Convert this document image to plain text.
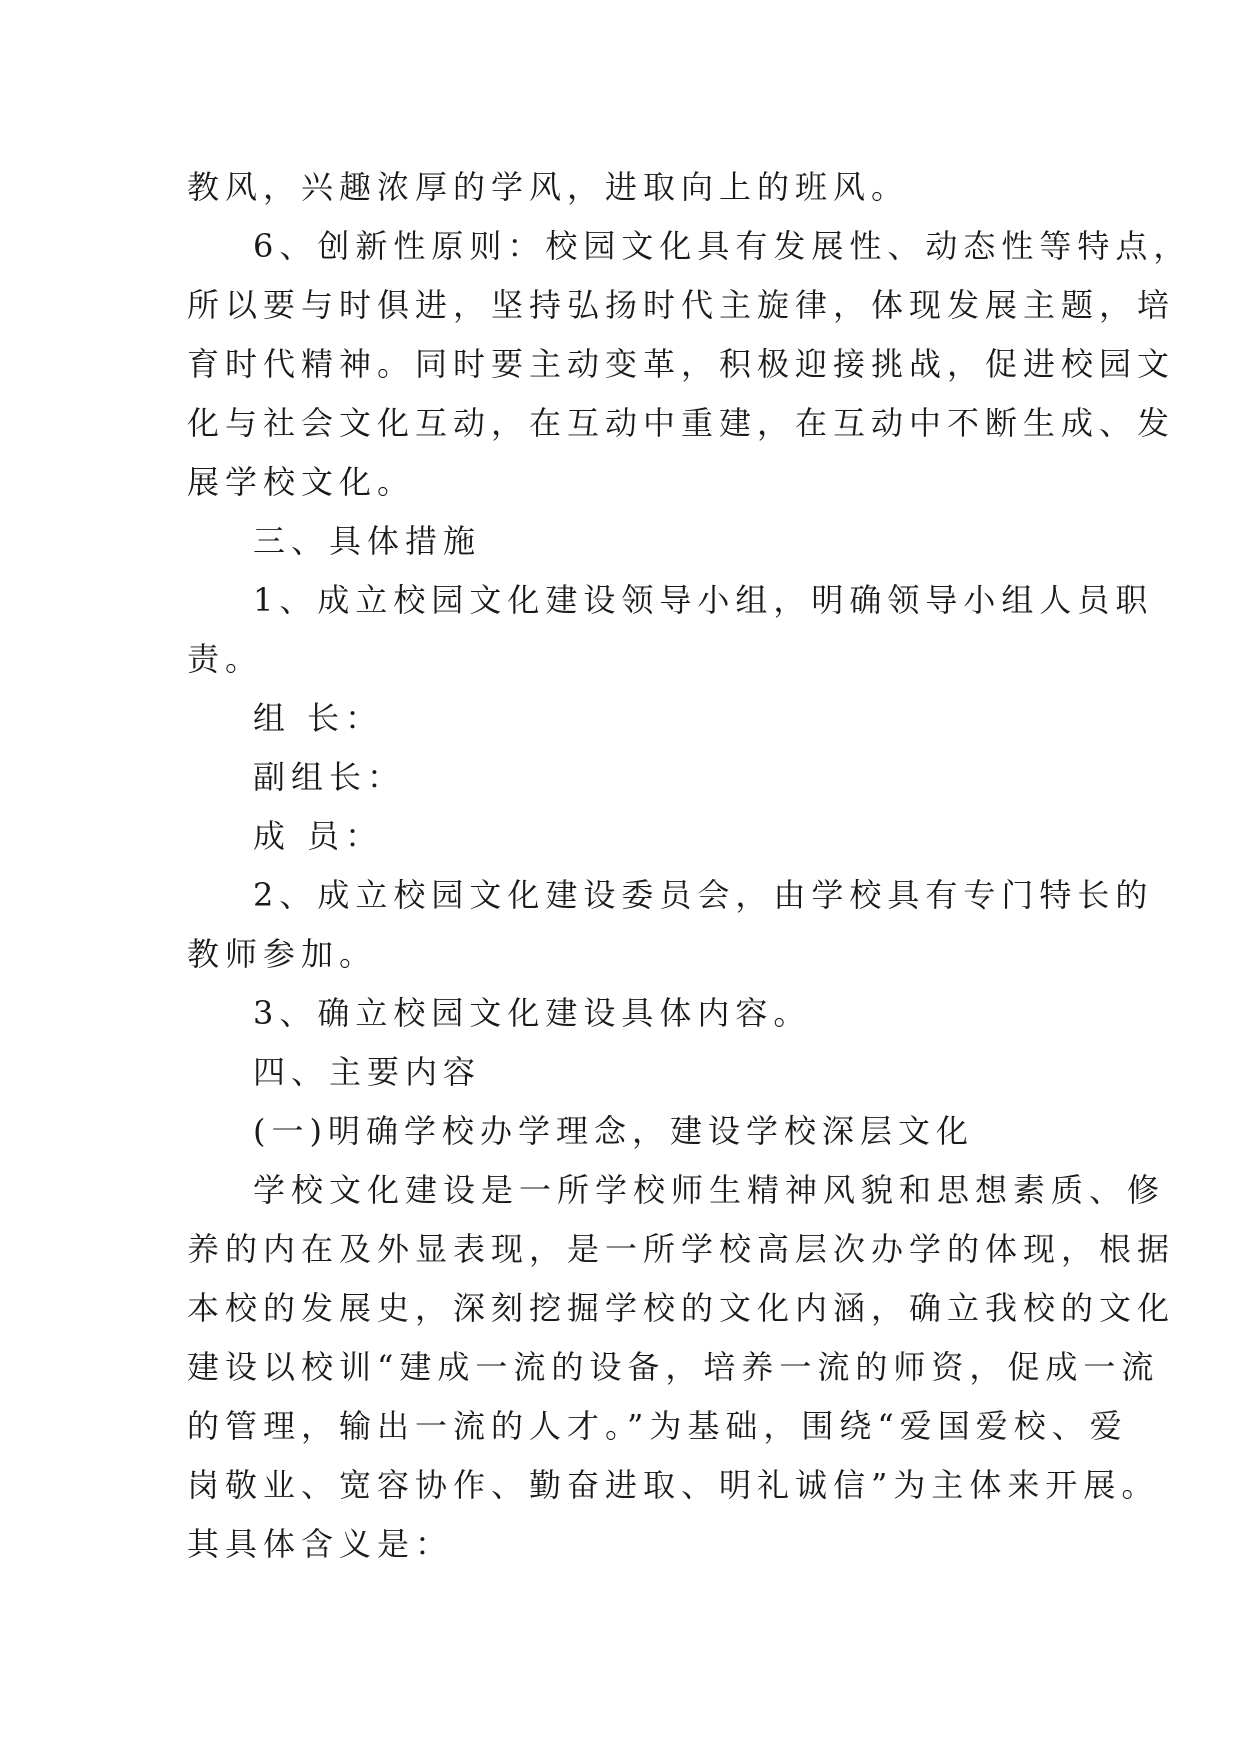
教风，兴趣浓厚的学风，进取向上的班风。
6、创新性原则：校园文化具有发展性、动态性等特点，
所以要与时俱进，坚持弘扬时代主旋律，体现发展主题，培
育时代精神。同时要主动变革，积极迎接挑战，促进校园文
化与社会文化互动，在互动中重建，在互动中不断生成、发
展学校文化。
三、具体措施
1、成立校园文化建设领导小组，明确领导小组人员职
责。
组 长：
副组长：
成 员：
2、成立校园文化建设委员会，由学校具有专门特长的
教师参加。
3、确立校园文化建设具体内容。
四、主要内容
(一)明确学校办学理念，建设学校深层文化
学校文化建设是一所学校师生精神风貌和思想素质、修
养的内在及外显表现，是一所学校高层次办学的体现，根据
本校的发展史，深刻挖掘学校的文化内涵，确立我校的文化
建设以校训“建成一流的设备，培养一流的师资，促成一流
的管理，输出一流的人才。”为基础，围绕“爱国爱校、爱
岗敬业、宽容协作、勤奋进取、明礼诚信”为主体来开展。
其具体含义是：
